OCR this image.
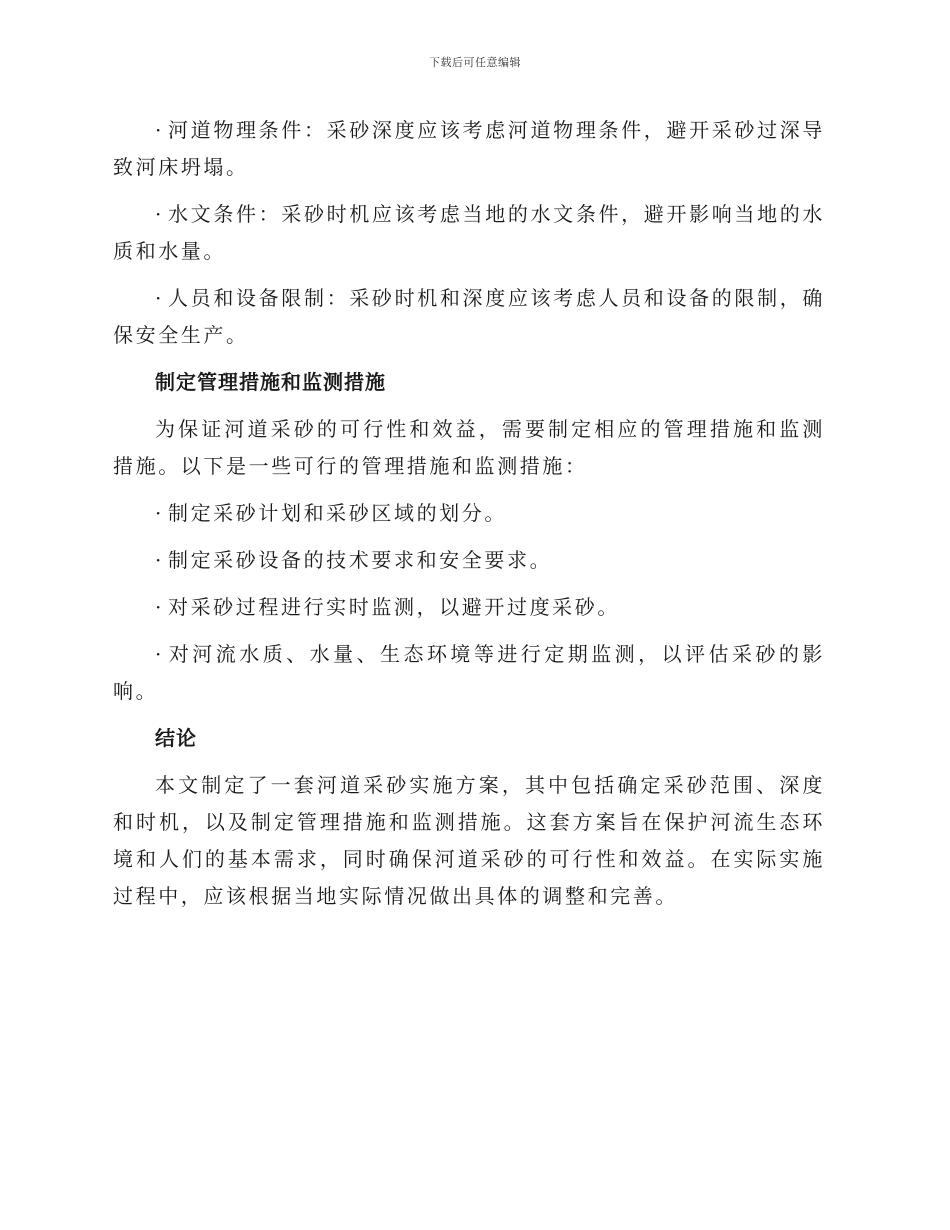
下载后可任意编辑
· 河道物理条件：采砂深度应该考虑河道物理条件，避开采砂过深导致河床坍塌。
· 水文条件：采砂时机应该考虑当地的水文条件，避开影响当地的水质和水量。
· 人员和设备限制：采砂时机和深度应该考虑人员和设备的限制，确保安全生产。
制定管理措施和监测措施
为保证河道采砂的可行性和效益，需要制定相应的管理措施和监测措施。以下是一些可行的管理措施和监测措施：
· 制定采砂计划和采砂区域的划分。
· 制定采砂设备的技术要求和安全要求。
· 对采砂过程进行实时监测，以避开过度采砂。
· 对河流水质、水量、生态环境等进行定期监测，以评估采砂的影响。
结论
本文制定了一套河道采砂实施方案，其中包括确定采砂范围、深度和时机，以及制定管理措施和监测措施。这套方案旨在保护河流生态环境和人们的基本需求，同时确保河道采砂的可行性和效益。在实际实施过程中，应该根据当地实际情况做出具体的调整和完善。
